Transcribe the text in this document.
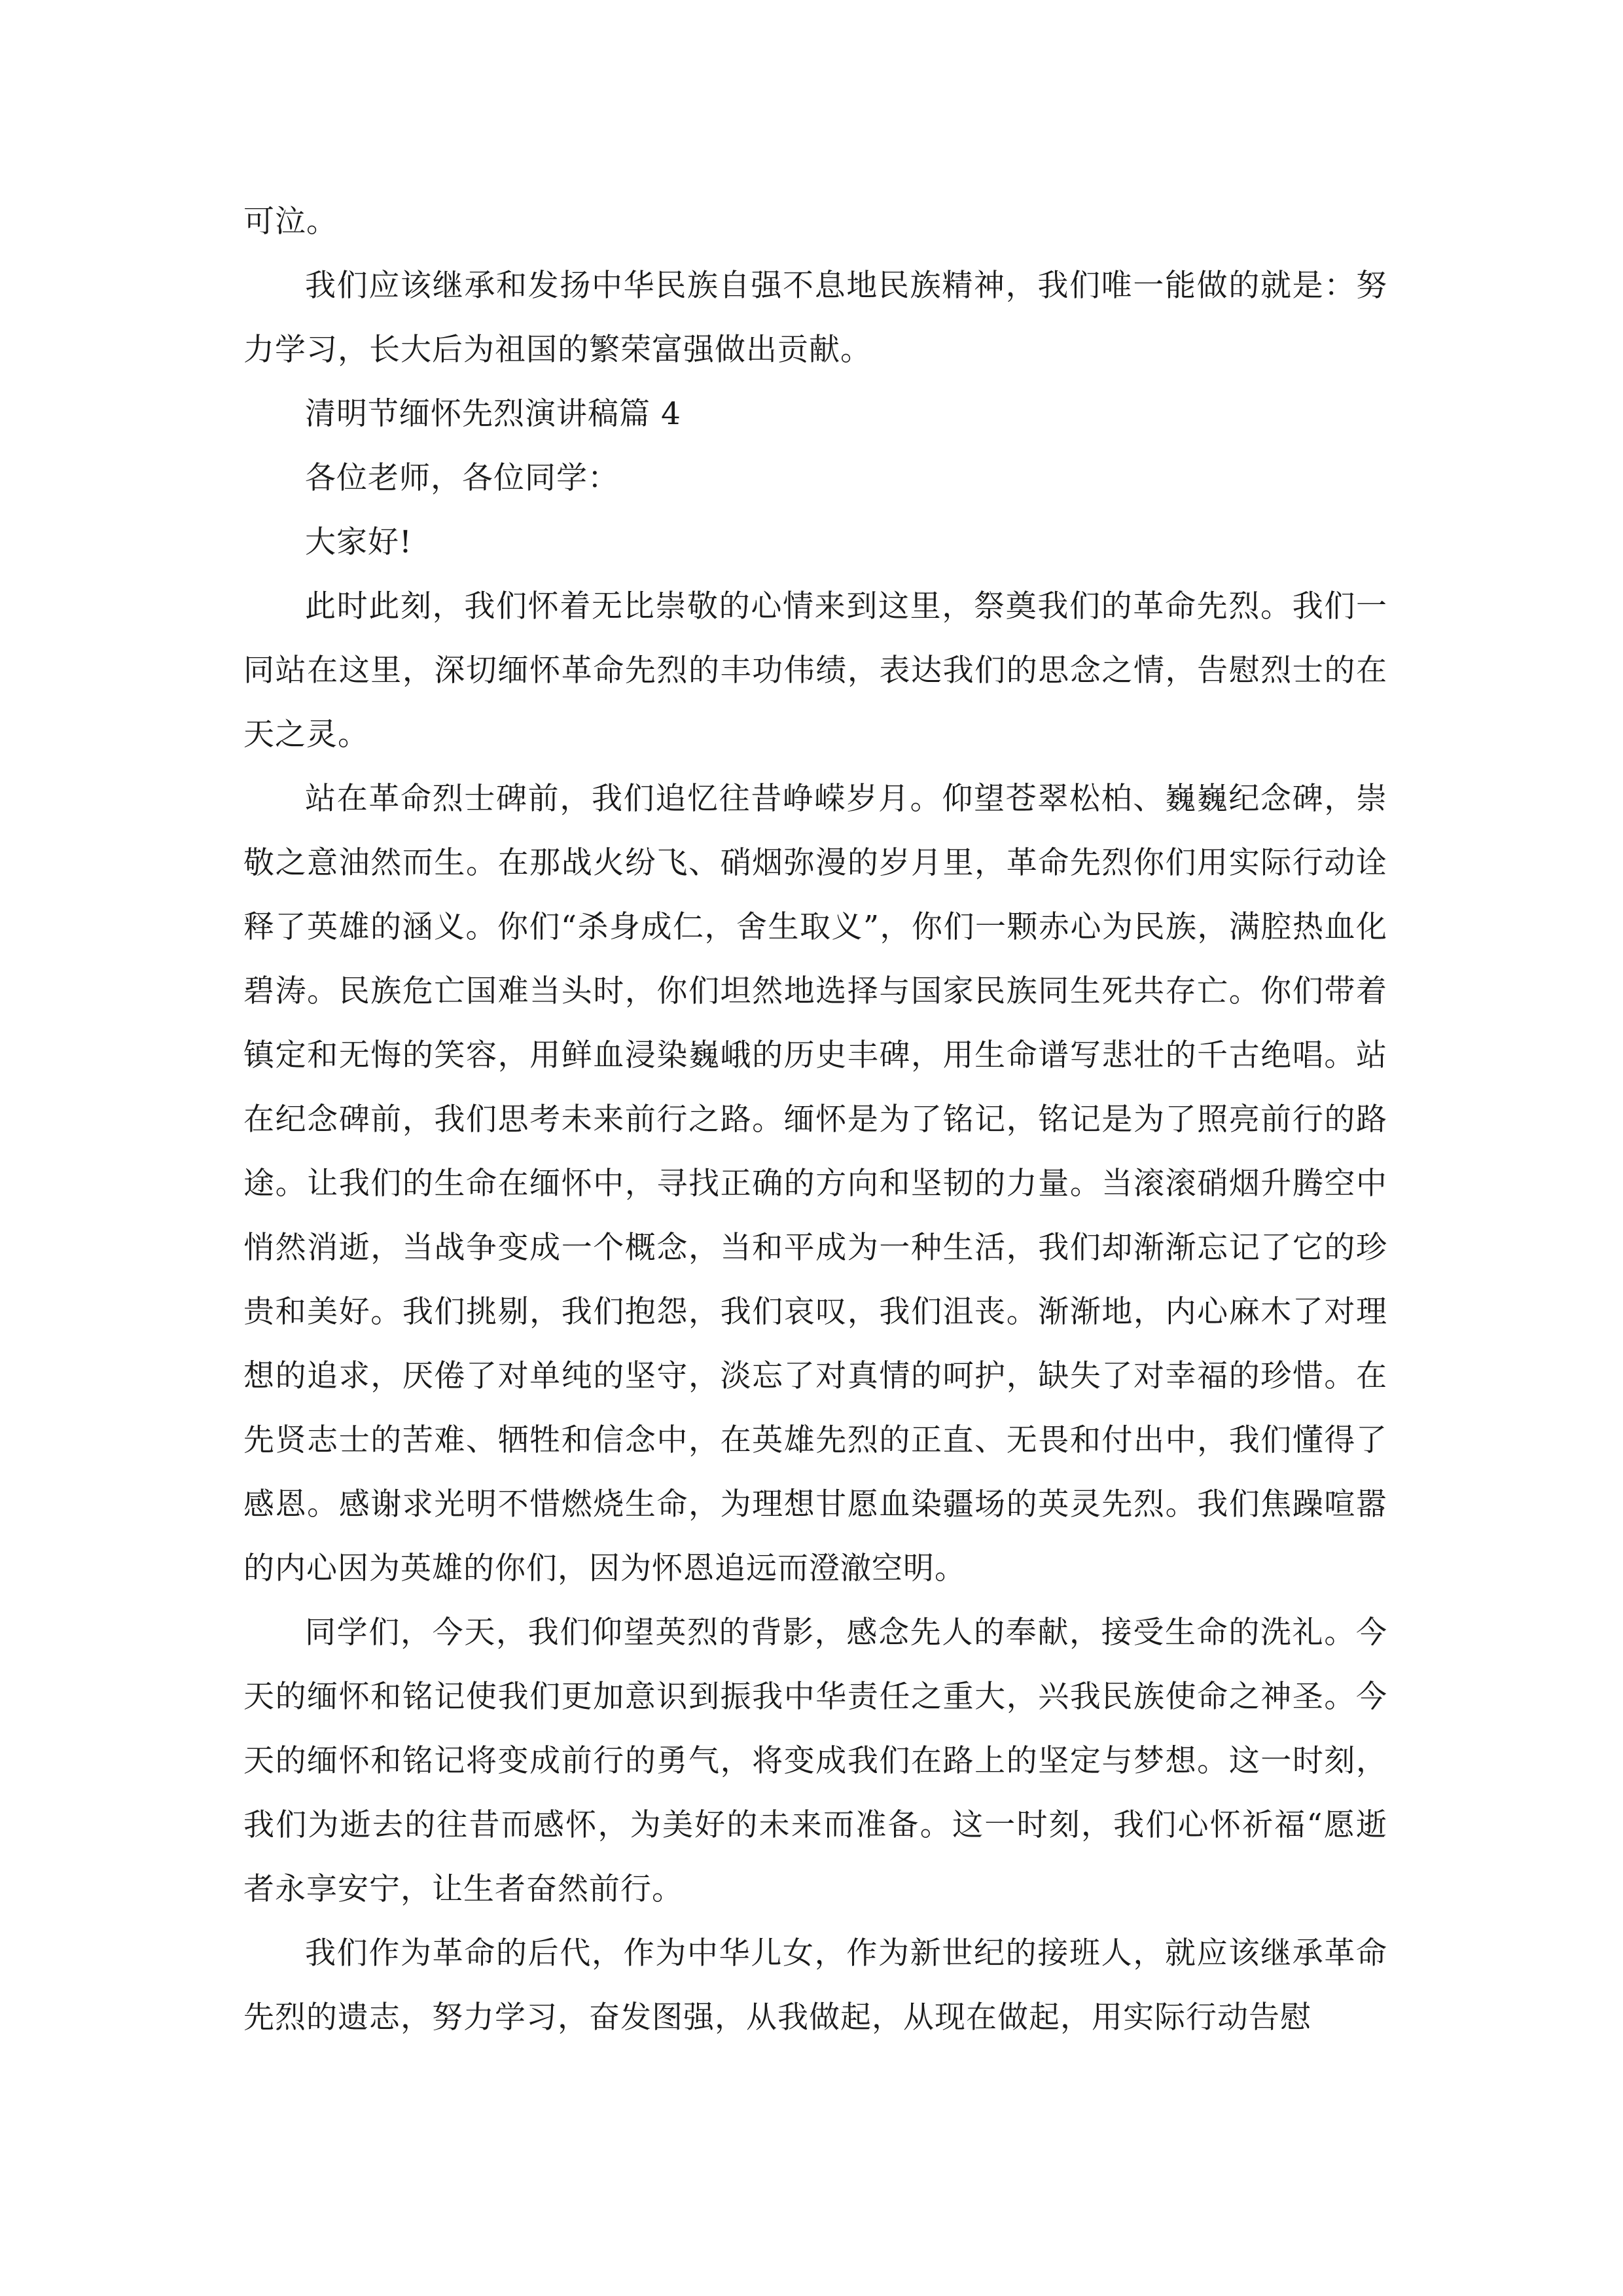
可泣。

我们应该继承和发扬中华民族自强不息地民族精神，我们唯一能做的就是：努力学习，长大后为祖国的繁荣富强做出贡献。

清明节缅怀先烈演讲稿篇 4

各位老师，各位同学：

大家好!

此时此刻，我们怀着无比崇敬的心情来到这里，祭奠我们的革命先烈。我们一同站在这里，深切缅怀革命先烈的丰功伟绩，表达我们的思念之情，告慰烈士的在天之灵。

站在革命烈士碑前，我们追忆往昔峥嵘岁月。仰望苍翠松柏、巍巍纪念碑，崇敬之意油然而生。在那战火纷飞、硝烟弥漫的岁月里，革命先烈你们用实际行动诠释了英雄的涵义。你们“杀身成仁，舍生取义”，你们一颗赤心为民族，满腔热血化碧涛。民族危亡国难当头时，你们坦然地选择与国家民族同生死共存亡。你们带着镇定和无悔的笑容，用鲜血浸染巍峨的历史丰碑，用生命谱写悲壮的千古绝唱。站在纪念碑前，我们思考未来前行之路。缅怀是为了铭记，铭记是为了照亮前行的路途。让我们的生命在缅怀中，寻找正确的方向和坚韧的力量。当滚滚硝烟升腾空中悄然消逝，当战争变成一个概念，当和平成为一种生活，我们却渐渐忘记了它的珍贵和美好。我们挑剔，我们抱怨，我们哀叹，我们沮丧。渐渐地，内心麻木了对理想的追求，厌倦了对单纯的坚守，淡忘了对真情的呵护，缺失了对幸福的珍惜。在先贤志士的苦难、牺牲和信念中，在英雄先烈的正直、无畏和付出中，我们懂得了感恩。感谢求光明不惜燃烧生命，为理想甘愿血染疆场的英灵先烈。我们焦躁喧嚣的内心因为英雄的你们，因为怀恩追远而澄澈空明。

同学们，今天，我们仰望英烈的背影，感念先人的奉献，接受生命的洗礼。今天的缅怀和铭记使我们更加意识到振我中华责任之重大，兴我民族使命之神圣。今天的缅怀和铭记将变成前行的勇气，将变成我们在路上的坚定与梦想。这一时刻，我们为逝去的往昔而感怀，为美好的未来而准备。这一时刻，我们心怀祈福“愿逝者永享安宁，让生者奋然前行。

我们作为革命的后代，作为中华儿女，作为新世纪的接班人，就应该继承革命先烈的遗志，努力学习，奋发图强，从我做起，从现在做起，用实际行动告慰
